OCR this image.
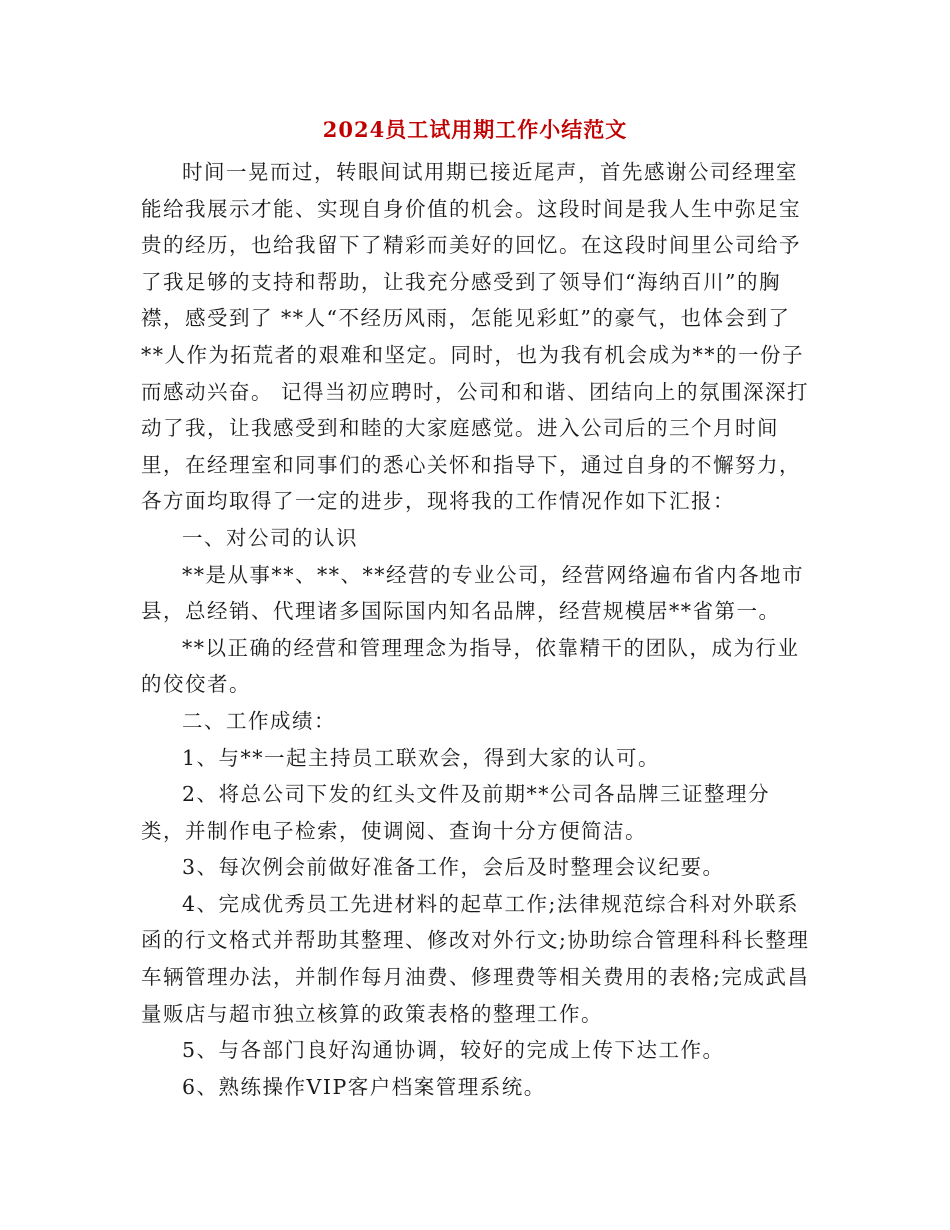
2024员工试用期工作小结范文

时间一晃而过，转眼间试用期已接近尾声，首先感谢公司经理室能给我展示才能、实现自身价值的机会。这段时间是我人生中弥足宝贵的经历，也给我留下了精彩而美好的回忆。在这段时间里公司给予了我足够的支持和帮助，让我充分感受到了领导们“海纳百川”的胸襟，感受到了 **人“不经历风雨，怎能见彩虹”的豪气，也体会到了**人作为拓荒者的艰难和坚定。同时，也为我有机会成为**的一份子而感动兴奋。 记得当初应聘时，公司和和谐、团结向上的氛围深深打动了我，让我感受到和睦的大家庭感觉。进入公司后的三个月时间里，在经理室和同事们的悉心关怀和指导下，通过自身的不懈努力，各方面均取得了一定的进步，现将我的工作情况作如下汇报：

一、对公司的认识

**是从事**、**、**经营的专业公司，经营网络遍布省内各地市县，总经销、代理诸多国际国内知名品牌，经营规模居**省第一。

**以正确的经营和管理理念为指导，依靠精干的团队，成为行业的佼佼者。

二、工作成绩：

1、与**一起主持员工联欢会，得到大家的认可。

2、将总公司下发的红头文件及前期**公司各品牌三证整理分类，并制作电子检索，使调阅、查询十分方便简洁。

3、每次例会前做好准备工作，会后及时整理会议纪要。

4、完成优秀员工先进材料的起草工作;法律规范综合科对外联系函的行文格式并帮助其整理、修改对外行文;协助综合管理科科长整理车辆管理办法，并制作每月油费、修理费等相关费用的表格;完成武昌量贩店与超市独立核算的政策表格的整理工作。

5、与各部门良好沟通协调，较好的完成上传下达工作。

6、熟练操作VIP客户档案管理系统。
